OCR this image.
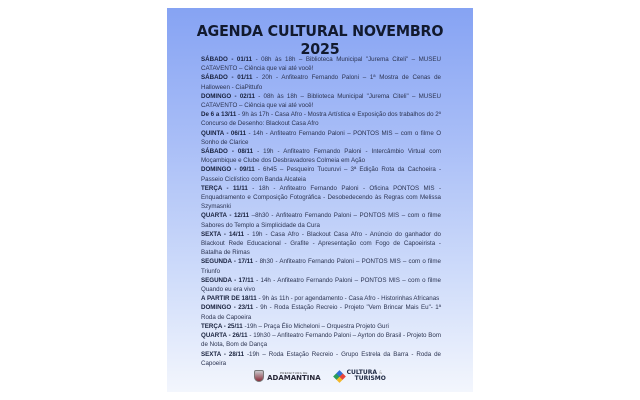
AGENDA CULTURAL NOVEMBRO 2025

SÁBADO - 01/11 - 08h às 18h – Biblioteca Municipal "Jurema Citeli" – MUSEU CATAVENTO – Ciência que vai até você!

SÁBADO - 01/11 - 20h - Anfiteatro Fernando Paloni – 1ª Mostra de Cenas de Halloween - CiaPittufo

DOMINGO - 02/11 - 08h às 18h – Biblioteca Municipal "Jurema Citeli" – MUSEU CATAVENTO – Ciência que vai até você!

De 6 a 13/11 - 9h às 17h - Casa Afro - Mostra Artística e Exposição dos trabalhos do 2º Concurso de Desenho: Blackout Casa Afro

QUINTA - 06/11 - 14h - Anfiteatro Fernando Paloni – PONTOS MIS – com o filme O Sonho de Clarice

SÁBADO - 08/11 - 19h - Anfiteatro Fernando Paloni - Intercâmbio Virtual com Moçambique e Clube dos Desbravadores Colmeia em Ação

DOMINGO - 09/11 - 6h45 – Pesqueiro Tucuruvi – 3ª Edição Rota da Cachoeira - Passeio Ciclístico com Banda Alcateia

TERÇA - 11/11 - 18h - Anfiteatro Fernando Paloni - Oficina PONTOS MIS - Enquadramento e Composição Fotográfica - Desobedecendo às Regras com Melissa Szymasnki

QUARTA - 12/11 –8h30 - Anfiteatro Fernando Paloni – PONTOS MIS – com o filme Sabores do Templo a Simplicidade da Cura

SEXTA - 14/11 - 19h - Casa Afro - Blackout Casa Afro - Anúncio do ganhador do Blackout Rede Educacional - Grafite - Apresentação com Fogo de Capoeirista - Batalha de Rimas

SEGUNDA - 17/11 - 8h30 - Anfiteatro Fernando Paloni – PONTOS MIS – com o filme Triunfo

SEGUNDA - 17/11 - 14h - Anfiteatro Fernando Paloni – PONTOS MIS – com o filme Quando eu era vivo

A PARTIR DE 18/11 - 9h às 11h - por agendamento - Casa Afro - Historinhas Africanas

DOMINGO - 23/11 - 9h - Roda Estação Recreio - Projeto "Vem Brincar Mais Eu"- 1ª Roda de Capoeira

TERÇA - 25/11 -19h – Praça Élio Micheloni – Orquestra Projeto Guri

QUARTA - 26/11 - 19h30 – Anfiteatro Fernando Paloni – Ayrton do Brasil - Projeto Bom de Nota, Bom de Dança

SEXTA - 28/11 -19h – Roda Estação Recreio - Grupo Estrela da Barra - Roda de Capoeira

PREFEITURA DE
ADAMANTINA
CULTURA &
TURISMO
